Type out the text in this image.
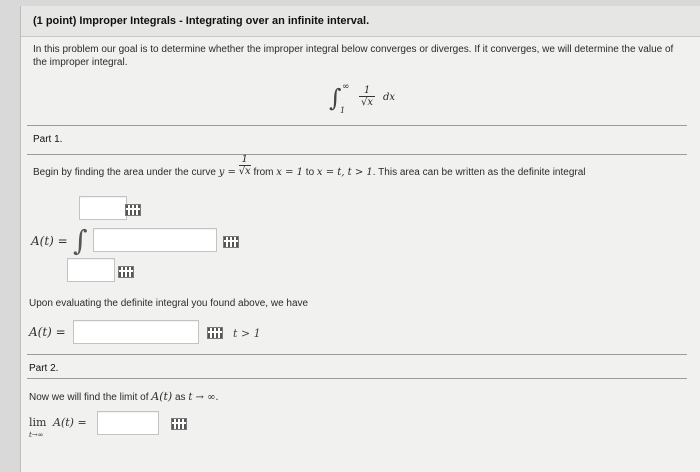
(1 point) Improper Integrals - Integrating over an infinite interval.
In this problem our goal is to determine whether the improper integral below converges or diverges. If it converges, we will determine the value of the improper integral.
∫ ∞
1
$\frac{1}{√x}$ dx
Part 1.
Begin by finding the area under the curve $y = \frac{1}{√x}$ from x = 1 to x = t, t > 1. This area can be written as the definite integral
A(t) = ∫
Upon evaluating the definite integral you found above, we have
A(t) =	t > 1
Part 2.
Now we will find the limit of A(t) as t → ∞.
lim
t→∞
A(t) =
